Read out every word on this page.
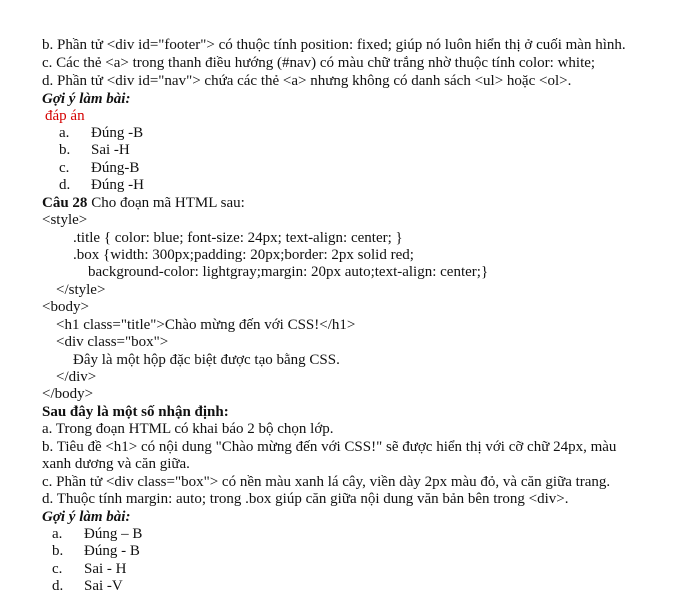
b. Phần tử <div id="footer"> có thuộc tính position: fixed; giúp nó luôn hiển thị ở cuối màn hình.
c. Các thẻ <a> trong thanh điều hướng (#nav) có màu chữ trắng nhờ thuộc tính color: white;
d. Phần tử <div id="nav"> chứa các thẻ <a> nhưng không có danh sách <ul> hoặc <ol>.
Gợi ý làm bài:
đáp án
a. Đúng -B
b. Sai -H
c. Đúng-B
d. Đúng -H
Câu 28 Cho đoạn mã HTML sau:
<style>
.title { color: blue; font-size: 24px; text-align: center; }
.box {width: 300px;padding: 20px;border: 2px solid red;
background-color: lightgray;margin: 20px auto;text-align: center;}
</style>
<body>
<h1 class="title">Chào mừng đến với CSS!</h1>
<div class="box">
Đây là một hộp đặc biệt được tạo bằng CSS.
</div>
</body>
Sau đây là một số nhận định:
a. Trong đoạn HTML có khai báo 2 bộ chọn lớp.
b. Tiêu đề <h1> có nội dung "Chào mừng đến với CSS!" sẽ được hiển thị với cỡ chữ 24px, màu
xanh dương và căn giữa.
c. Phần tử <div class="box"> có nền màu xanh lá cây, viền dày 2px màu đỏ, và căn giữa trang.
d. Thuộc tính margin: auto; trong .box giúp căn giữa nội dung văn bản bên trong <div>.
Gợi ý làm bài:
a. Đúng – B
b. Đúng - B
c. Sai - H
d. Sai -V
